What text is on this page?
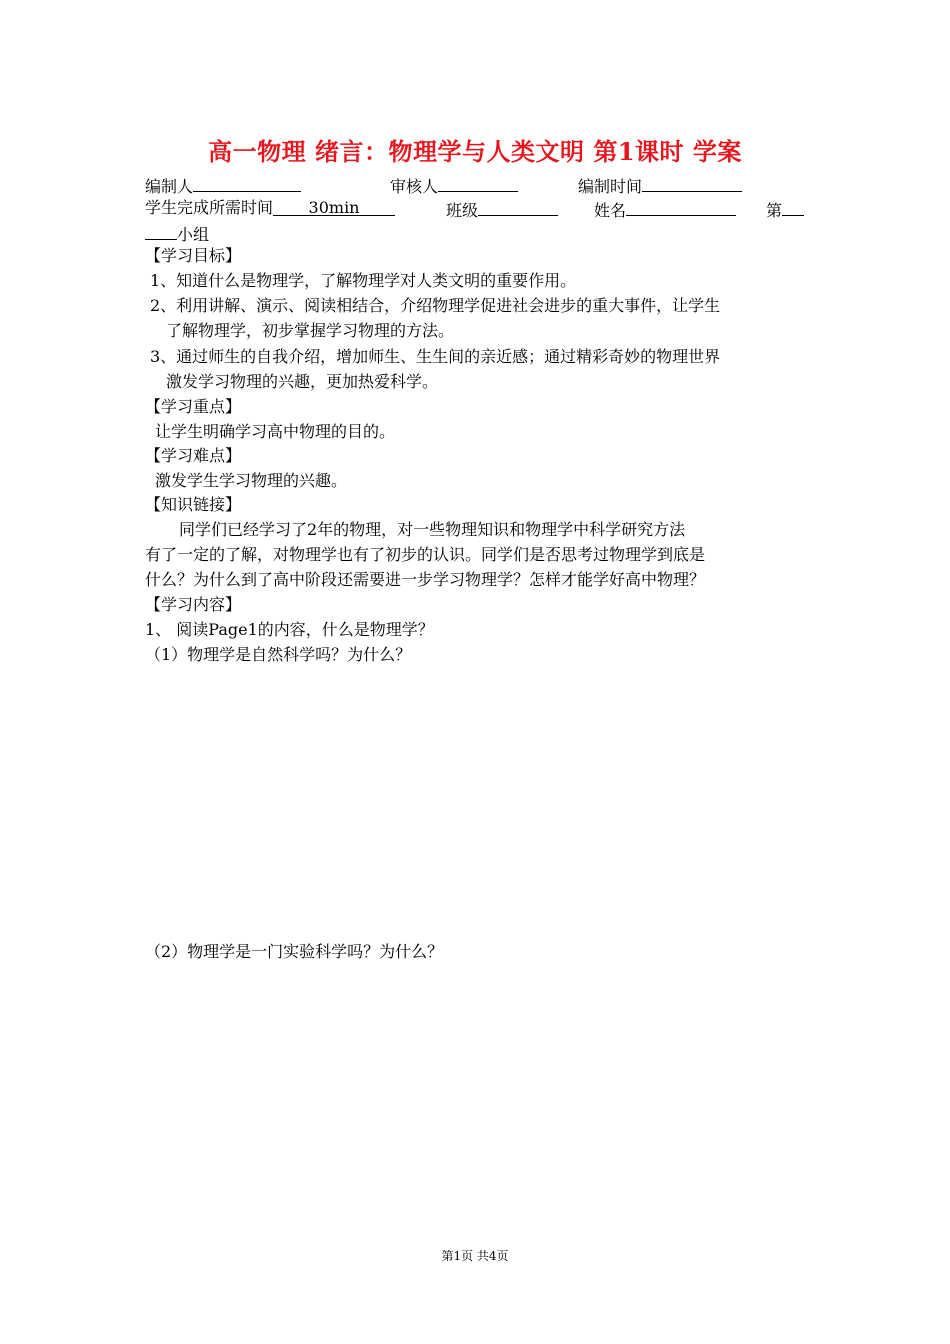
高一物理 绪言：物理学与人类文明 第1课时 学案
编制人	审核人	编制时间
学生完成所需时间 30min	班级	姓名	第
小组
【学习目标】
1、知道什么是物理学，了解物理学对人类文明的重要作用。
2、利用讲解、演示、阅读相结合，介绍物理学促进社会进步的重大事件，让学生
了解物理学，初步掌握学习物理的方法。
3、通过师生的自我介绍，增加师生、生生间的亲近感；通过精彩奇妙的物理世界
激发学习物理的兴趣，更加热爱科学。
【学习重点】
让学生明确学习高中物理的目的。
【学习难点】
激发学生学习物理的兴趣。
【知识链接】
同学们已经学习了2年的物理，对一些物理知识和物理学中科学研究方法
有了一定的了解，对物理学也有了初步的认识。同学们是否思考过物理学到底是
什么？为什么到了高中阶段还需要进一步学习物理学？怎样才能学好高中物理？
【学习内容】
1、 阅读Page1的内容，什么是物理学？
（1）物理学是自然科学吗？为什么？
（2）物理学是一门实验科学吗？为什么？
第1页 共4页
